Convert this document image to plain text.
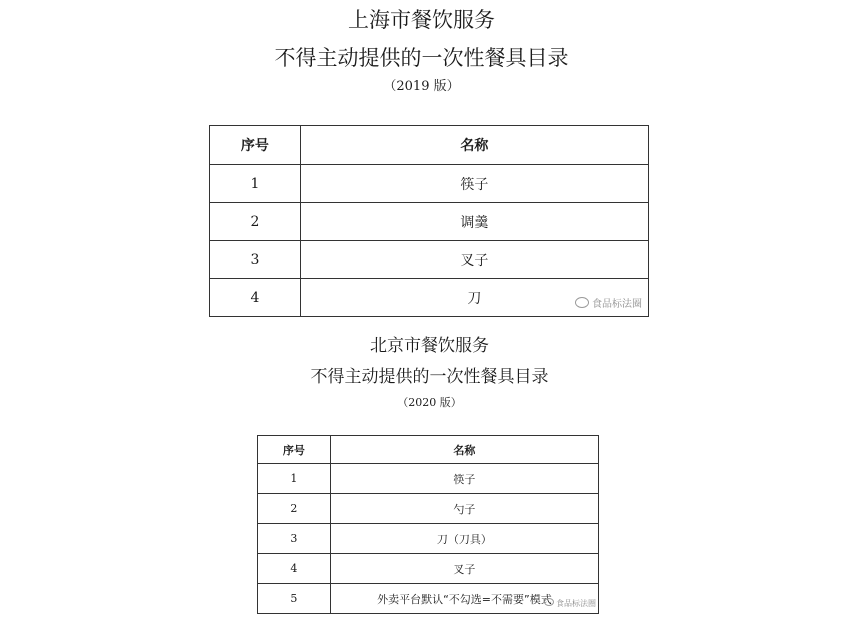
上海市餐饮服务
不得主动提供的一次性餐具目录
（2019 版）
序号	名称
1	筷子
2	调羹
3	叉子
4	刀 食品标法圈
北京市餐饮服务
不得主动提供的一次性餐具目录
（2020 版）
序号	名称
1	筷子
2	勺子
3	刀（刀具）
4	叉子
5	外卖平台默认“不勾选=不需要”模式 食品标法圈
